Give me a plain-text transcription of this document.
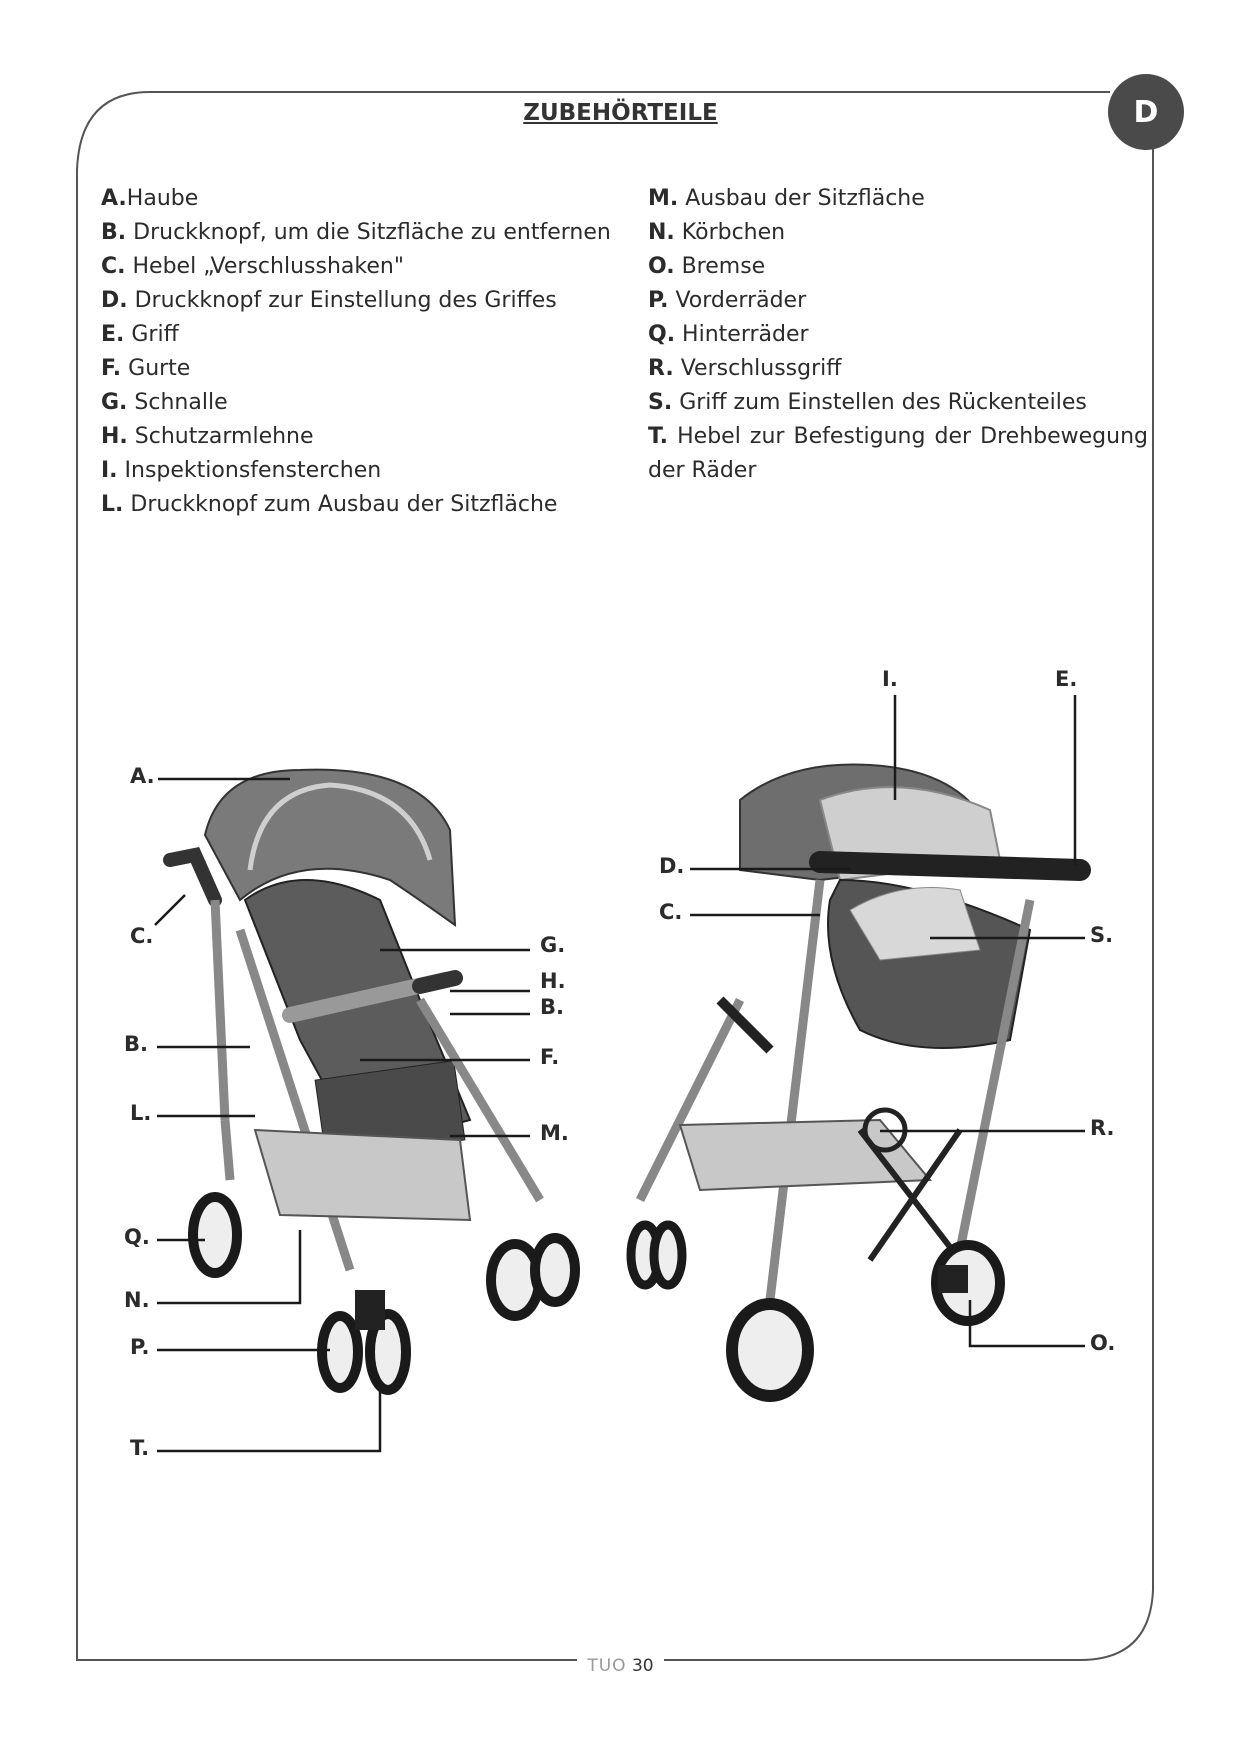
ZUBEHÖRTEILE	D
A.Haube
B. Druckknopf, um die Sitzfläche zu entfernen
C. Hebel „Verschlusshaken"
D. Druckknopf zur Einstellung des Griffes
E. Griff
F. Gurte
G. Schnalle
H. Schutzarmlehne
I. Inspektionsfensterchen
L. Druckknopf zum Ausbau der Sitzfläche
M. Ausbau der Sitzfläche
N. Körbchen
O. Bremse
P. Vorderräder
Q. Hinterräder
R. Verschlussgriff
S. Griff zum Einstellen des Rückenteiles
T. Hebel zur Befestigung der Drehbewegung der Räder
A.
C.
B.
L.
Q.
N.
P.
T.
G.
H.
B.
F.
M.
I.	E.
D.
C.
S.
R.
O.
TUO 30
